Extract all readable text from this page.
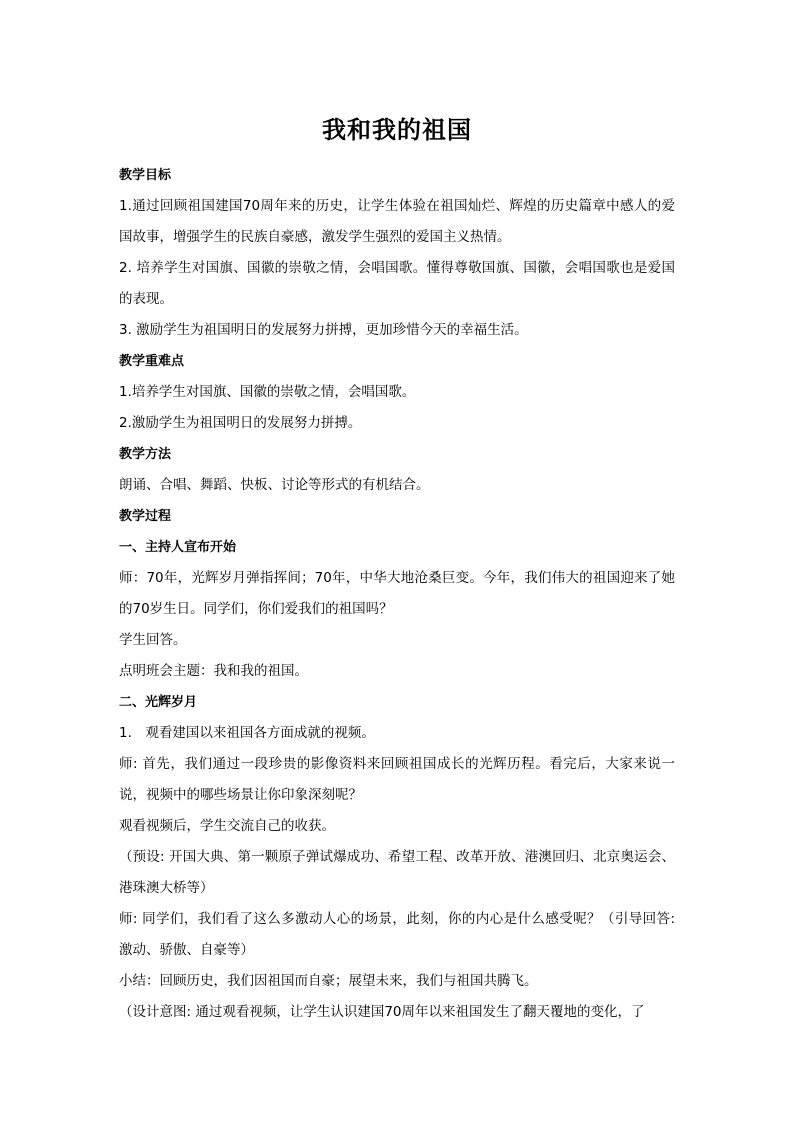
我和我的祖国

教学目标

1.通过回顾祖国建国70周年来的历史，让学生体验在祖国灿烂、辉煌的历史篇章中感人的爱国故事，增强学生的民族自豪感，激发学生强烈的爱国主义热情。

2. 培养学生对国旗、国徽的崇敬之情，会唱国歌。懂得尊敬国旗、国徽，会唱国歌也是爱国的表现。

3. 激励学生为祖国明日的发展努力拼搏，更加珍惜今天的幸福生活。

教学重难点

1.培养学生对国旗、国徽的崇敬之情，会唱国歌。

2.激励学生为祖国明日的发展努力拼搏。

教学方法

朗诵、合唱、舞蹈、快板、讨论等形式的有机结合。

教学过程

一、主持人宣布开始

师：70年，光辉岁月弹指挥间；70年，中华大地沧桑巨变。今年，我们伟大的祖国迎来了她的70岁生日。同学们，你们爱我们的祖国吗？

学生回答。

点明班会主题：我和我的祖国。

二、光辉岁月

1.　观看建国以来祖国各方面成就的视频。

师: 首先，我们通过一段珍贵的影像资料来回顾祖国成长的光辉历程。看完后，大家来说一说，视频中的哪些场景让你印象深刻呢？

观看视频后，学生交流自己的收获。

（预设: 开国大典、第一颗原子弹试爆成功、希望工程、改革开放、港澳回归、北京奥运会、港珠澳大桥等）

师: 同学们，我们看了这么多激动人心的场景，此刻，你的内心是什么感受呢？（引导回答: 激动、骄傲、自豪等）

小结：回顾历史，我们因祖国而自豪；展望未来，我们与祖国共腾飞。

（设计意图: 通过观看视频，让学生认识建国70周年以来祖国发生了翻天覆地的变化，了
